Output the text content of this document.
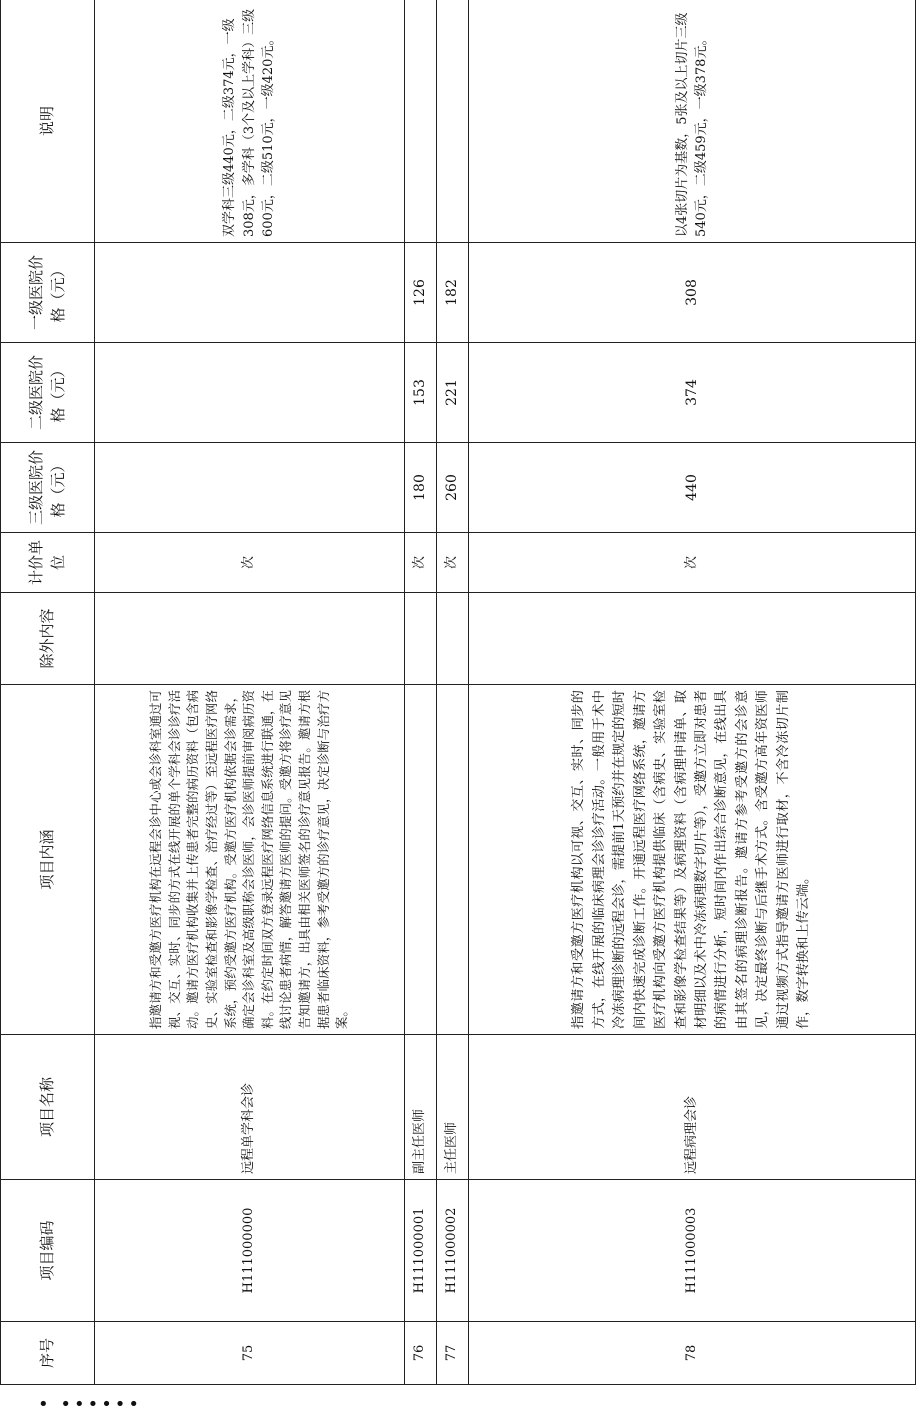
序号	项目编码	项目名称	项目内涵	除外内容	计价单位	三级医院价格（元）	二级医院价格（元）	一级医院价格（元）	说明
75	H111000000	远程单学科会诊	指邀请方和受邀方医疗机构在远程会诊中心或会诊科室通过可视、交互、实时、同步的方式在线开展的单个学科会诊诊疗活动。邀请方医疗机构收集并上传患者完整的病历资料（包含病史、实验室检查和影像学检查、治疗经过等）至远程医疗网络系统，预约受邀方医疗机构。受邀方医疗机构依据会诊需求，确定会诊科室及高级职称会诊医师，会诊医师提前审阅病历资料。在约定时间双方登录远程医疗网络信息系统进行联通，在线讨论患者病情，解答邀请方医师的提问。受邀方将诊疗意见告知邀请方，出具由相关医师签名的诊疗意见报告。邀请方根据患者临床资料，参考受邀方的诊疗意见，决定诊断与治疗方案。		次				双学科三级440元，二级374元，一级308元，多学科（3个及以上学科）三级600元，二级510元，一级420元。
76	H111000001	副主任医师			次	180	153	126	
77	H111000002	主任医师			次	260	221	182	
78	H111000003	远程病理会诊	指邀请方和受邀方医疗机构以可视、交互、实时、同步的方式，在线开展的临床病理会诊诊疗活动。一般用于术中冷冻病理诊断的远程会诊，需提前1天预约并在规定的短时间内快速完成诊断工作。开通远程医疗网络系统，邀请方医疗机构向受邀方医疗机构提供临床（含病史、实验室检查和影像学检查结果等）及病理资料（含病理申请单、取材明细以及术中冷冻病理数字切片等），受邀方立即对患者的病情进行分析，短时间内作出综合诊断意见，在线出具由其签名的病理诊断报告。邀请方参考受邀方的会诊意见，决定最终诊断与后继手术方式。含受邀方高年资医师通过视频方式指导邀请方医师进行取材，不含冷冻切片制作，数字转换和上传云端。		次	440	374	308	以4张切片为基数，5张及以上切片三级540元，二级459元，一级378元。
• ••••••
